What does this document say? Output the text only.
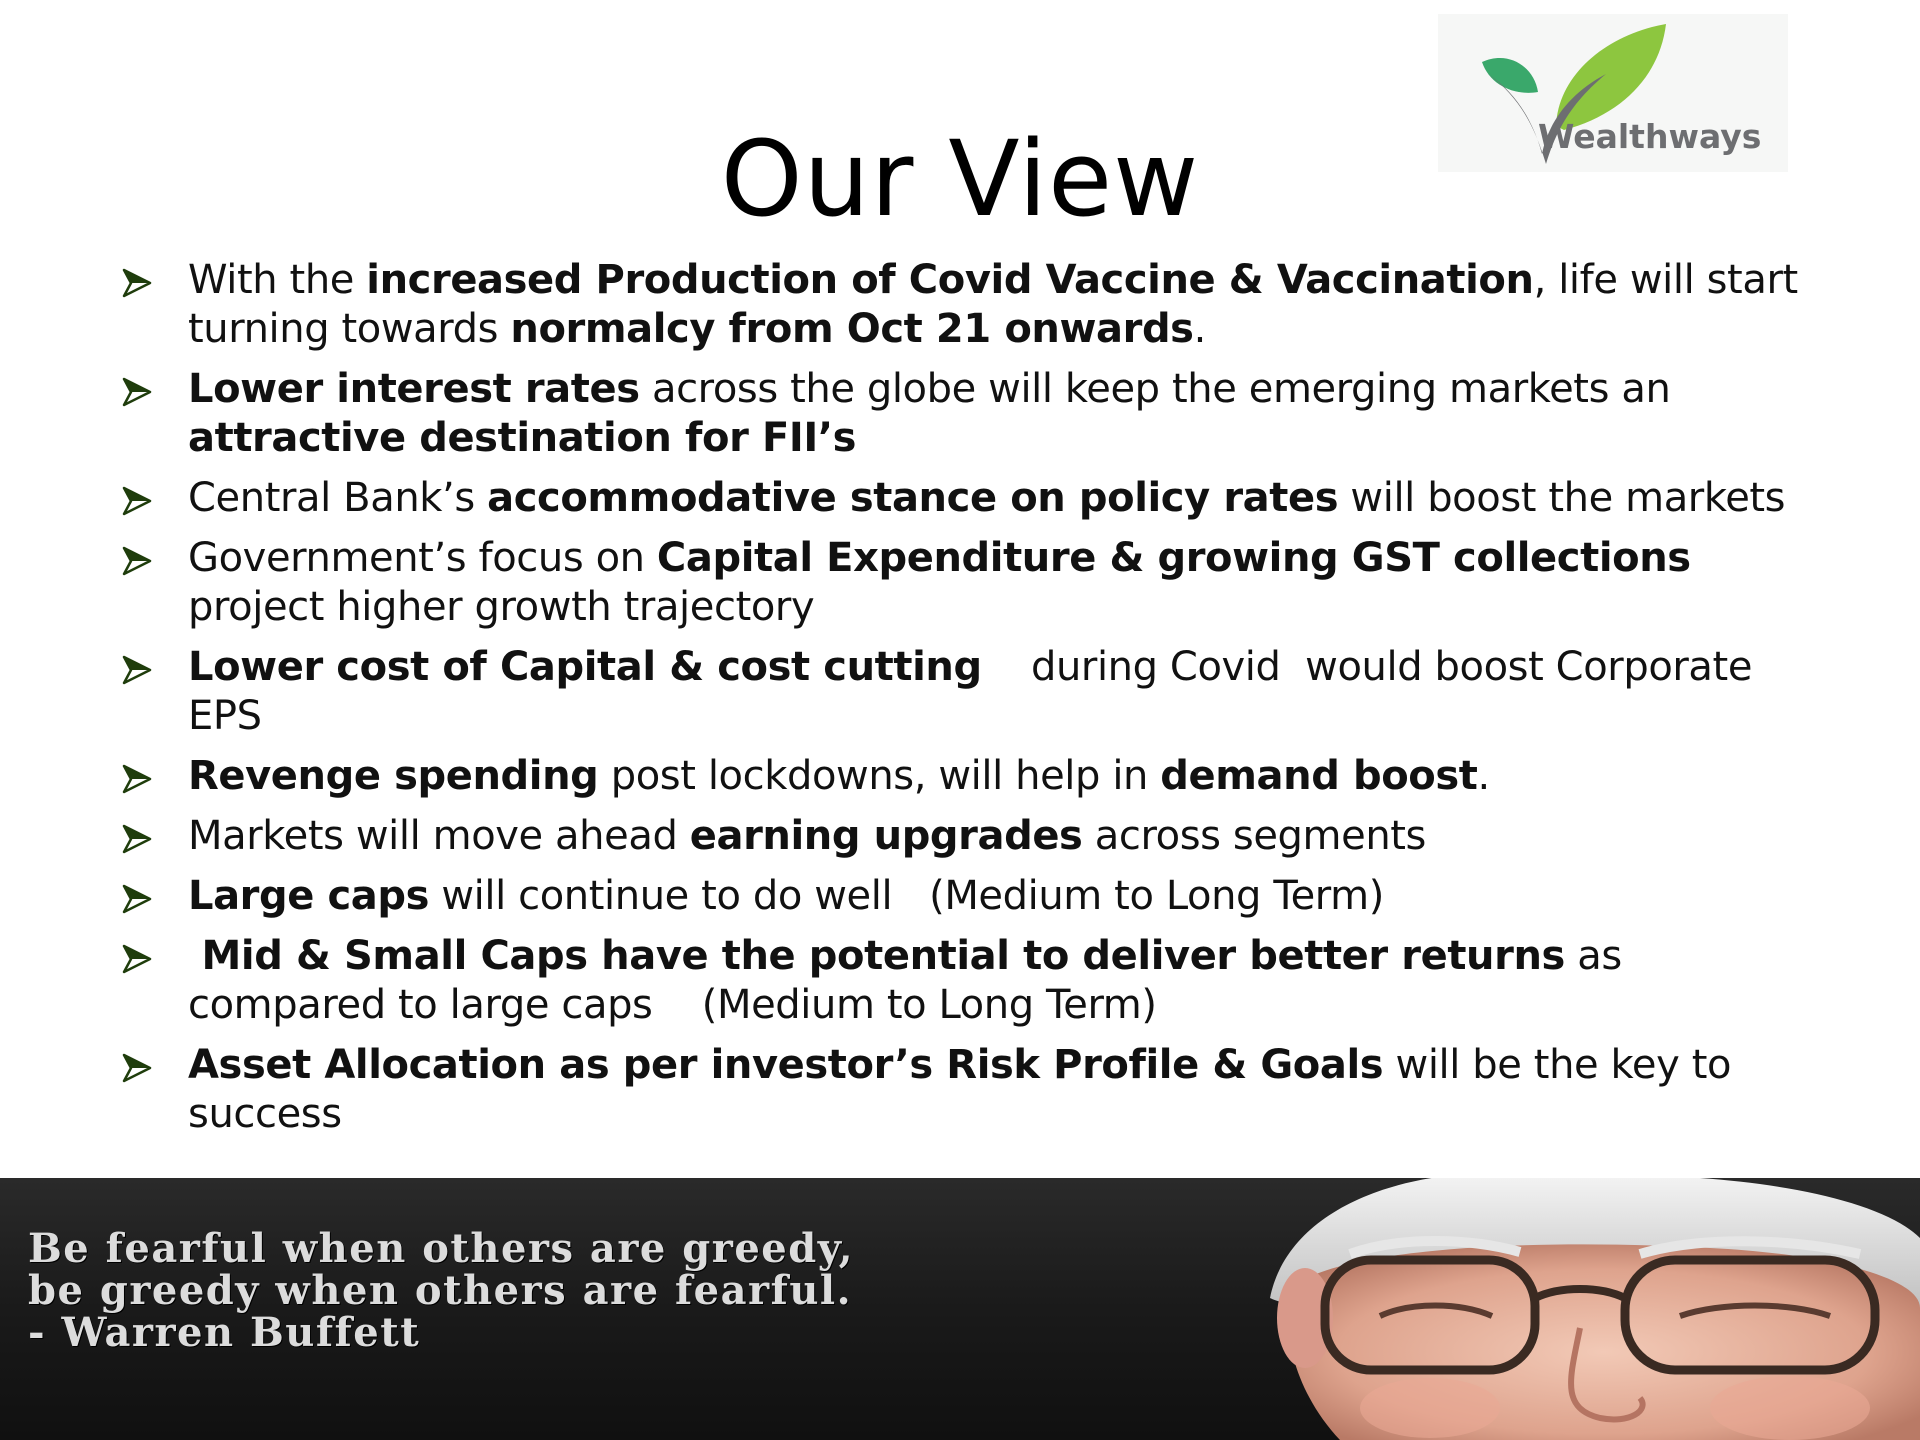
Wealthways
Our View
With the increased Production of Covid Vaccine & Vaccination, life will start turning towards normalcy from Oct 21 onwards.
Lower interest rates across the globe will keep the emerging markets an attractive destination for FII’s
Central Bank’s accommodative stance on policy rates will boost the markets
Government’s focus on Capital Expenditure & growing GST collections project higher growth trajectory
Lower cost of Capital & cost cutting    during Covid  would boost Corporate EPS
Revenge spending post lockdowns, will help in demand boost.
Markets will move ahead earning upgrades across segments
Large caps will continue to do well   (Medium to Long Term)
Mid & Small Caps have the potential to deliver better returns as    compared to large caps    (Medium to Long Term)
Asset Allocation as per investor’s Risk Profile & Goals will be the key to success
Be fearful when others are greedy,
be greedy when others are fearful.
- Warren Buffett
